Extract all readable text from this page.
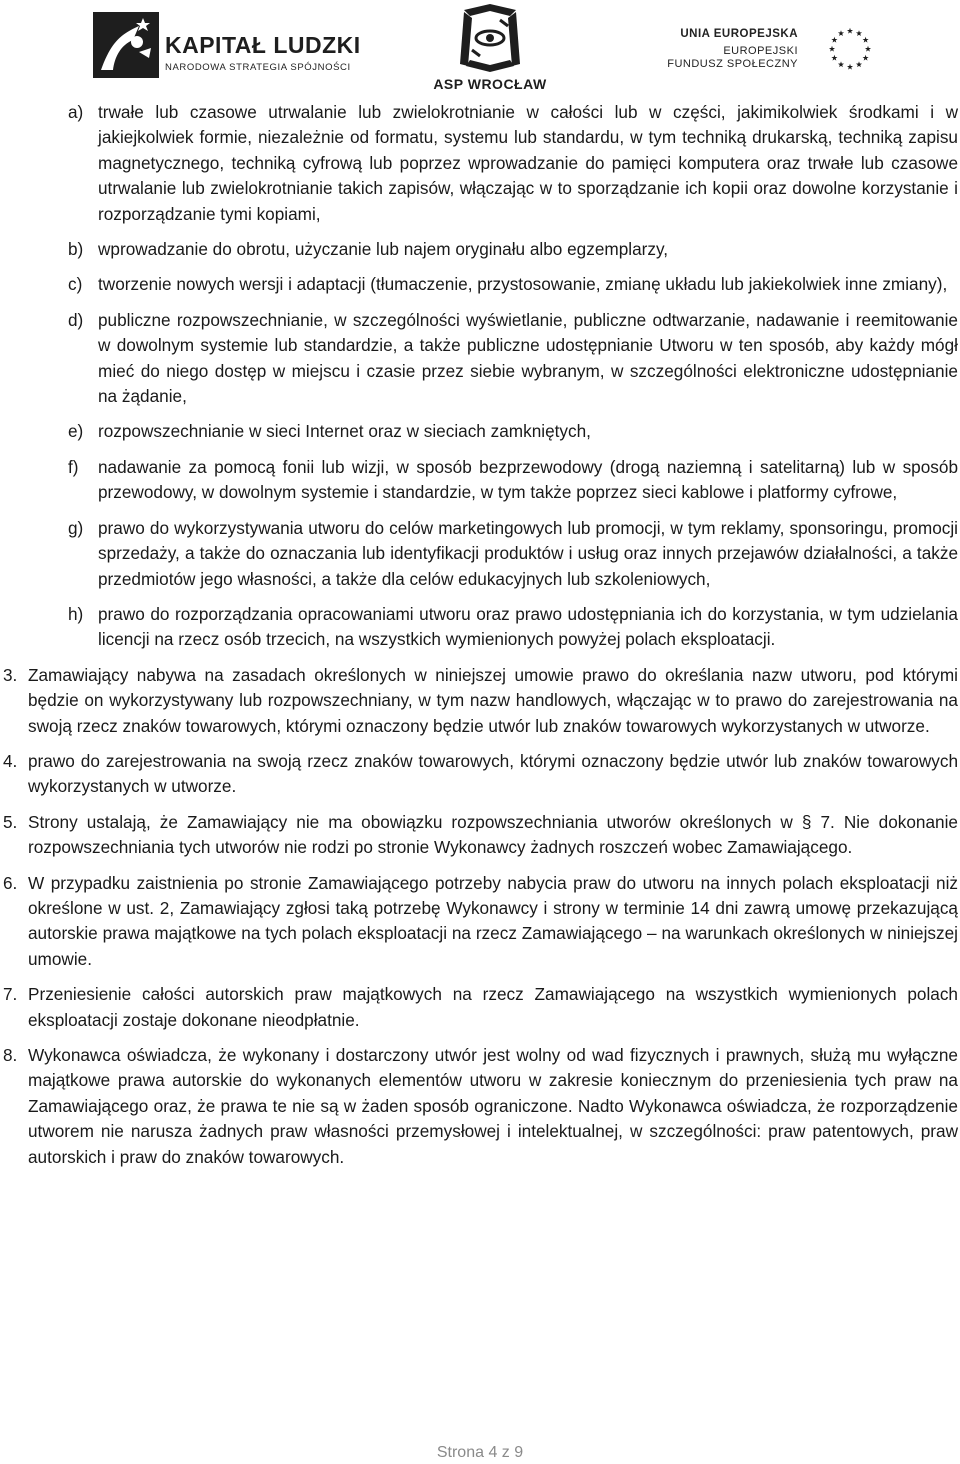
KAPITAŁ LUDZKI
NARODOWA STRATEGIA SPÓJNOŚCI
ASP WROCŁAW
UNIA EUROPEJSKA
EUROPEJSKI
FUNDUSZ SPOŁECZNY
a) trwałe lub czasowe utrwalanie lub zwielokrotnianie w całości lub w części, jakimikolwiek środkami i w jakiejkolwiek formie, niezależnie od formatu, systemu lub standardu, w tym techniką drukarską, techniką zapisu magnetycznego, techniką cyfrową lub poprzez wprowadzanie do pamięci komputera oraz trwałe lub czasowe utrwalanie lub zwielokrotnianie takich zapisów, włączając w to sporządzanie ich kopii oraz dowolne korzystanie i rozporządzanie tymi kopiami,
b) wprowadzanie do obrotu, użyczanie lub najem oryginału albo egzemplarzy,
c) tworzenie nowych wersji i adaptacji (tłumaczenie, przystosowanie, zmianę układu lub jakiekolwiek inne zmiany),
d) publiczne rozpowszechnianie, w szczególności wyświetlanie, publiczne odtwarzanie, nadawanie i reemitowanie w dowolnym systemie lub standardzie, a także publiczne udostępnianie Utworu w ten sposób, aby każdy mógł mieć do niego dostęp w miejscu i czasie przez siebie wybranym, w szczególności elektroniczne udostępnianie na żądanie,
e) rozpowszechnianie w sieci Internet oraz w sieciach zamkniętych,
f) nadawanie za pomocą fonii lub wizji, w sposób bezprzewodowy (drogą naziemną i satelitarną) lub w sposób przewodowy, w dowolnym systemie i standardzie, w tym także poprzez sieci kablowe i platformy cyfrowe,
g) prawo do wykorzystywania utworu do celów marketingowych lub promocji, w tym reklamy, sponsoringu, promocji sprzedaży, a także do oznaczania lub identyfikacji produktów i usług oraz innych przejawów działalności, a także przedmiotów jego własności, a także dla celów edukacyjnych lub szkoleniowych,
h) prawo do rozporządzania opracowaniami utworu oraz prawo udostępniania ich do korzystania, w tym udzielania licencji na rzecz osób trzecich, na wszystkich wymienionych powyżej polach eksploatacji.
3. Zamawiający nabywa na zasadach określonych w niniejszej umowie prawo do określania nazw utworu, pod którymi będzie on wykorzystywany lub rozpowszechniany, w tym nazw handlowych, włączając w to prawo do zarejestrowania na swoją rzecz znaków towarowych, którymi oznaczony będzie utwór lub znaków towarowych wykorzystanych w utworze.
4. prawo do zarejestrowania na swoją rzecz znaków towarowych, którymi oznaczony będzie utwór lub znaków towarowych wykorzystanych w utworze.
5. Strony ustalają, że Zamawiający nie ma obowiązku rozpowszechniania utworów określonych w § 7. Nie dokonanie rozpowszechniania tych utworów nie rodzi po stronie Wykonawcy żadnych roszczeń wobec Zamawiającego.
6. W przypadku zaistnienia po stronie Zamawiającego potrzeby nabycia praw do utworu na innych polach eksploatacji niż określone w ust. 2, Zamawiający zgłosi taką potrzebę Wykonawcy i strony w terminie 14 dni zawrą umowę przekazującą autorskie prawa majątkowe na tych polach eksploatacji na rzecz Zamawiającego – na warunkach określonych w niniejszej umowie.
7. Przeniesienie całości autorskich praw majątkowych na rzecz Zamawiającego na wszystkich wymienionych polach eksploatacji zostaje dokonane nieodpłatnie.
8. Wykonawca oświadcza, że wykonany i dostarczony utwór jest wolny od wad fizycznych i prawnych, służą mu wyłączne majątkowe prawa autorskie do wykonanych elementów utworu w zakresie koniecznym do przeniesienia tych praw na Zamawiającego oraz, że prawa te nie są w żaden sposób ograniczone. Nadto Wykonawca oświadcza, że rozporządzenie utworem nie narusza żadnych praw własności przemysłowej i intelektualnej, w szczególności: praw patentowych, praw autorskich i praw do znaków towarowych.
Strona 4 z 9
